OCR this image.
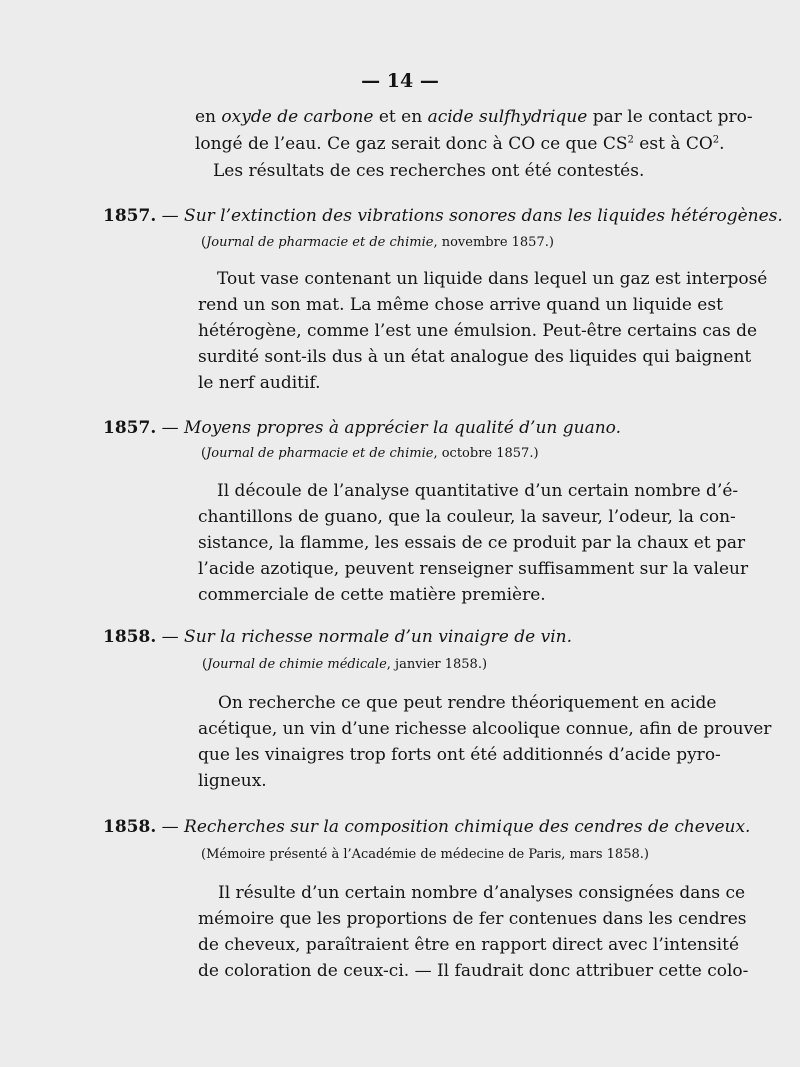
— 14 —
en oxyde de carbone et en acide sulfhydrique par le contact pro-
longé de l’eau. Ce gaz serait donc à CO ce que $CS^2$ est à $CO^2$.
Les résultats de ces recherches ont été contestés.
1857. — Sur l’extinction des vibrations sonores dans les liquides hétérogènes.
(Journal de pharmacie et de chimie, novembre 1857.)
Tout vase contenant un liquide dans lequel un gaz est interposé
rend un son mat. La même chose arrive quand un liquide est
hétérogène, comme l’est une émulsion. Peut-être certains cas de
surdité sont-ils dus à un état analogue des liquides qui baignent
le nerf auditif.
1857. — Moyens propres à apprécier la qualité d’un guano.
(Journal de pharmacie et de chimie, octobre 1857.)
Il découle de l’analyse quantitative d’un certain nombre d’é-
chantillons de guano, que la couleur, la saveur, l’odeur, la con-
sistance, la flamme, les essais de ce produit par la chaux et par
l’acide azotique, peuvent renseigner suffisamment sur la valeur
commerciale de cette matière première.
1858. — Sur la richesse normale d’un vinaigre de vin.
(Journal de chimie médicale, janvier 1858.)
On recherche ce que peut rendre théoriquement en acide
acétique, un vin d’une richesse alcoolique connue, afin de prouver
que les vinaigres trop forts ont été additionnés d’acide pyro-
ligneux.
1858. — Recherches sur la composition chimique des cendres de cheveux.
(Mémoire présenté à l’Académie de médecine de Paris, mars 1858.)
Il résulte d’un certain nombre d’analyses consignées dans ce
mémoire que les proportions de fer contenues dans les cendres
de cheveux, paraîtraient être en rapport direct avec l’intensité
de coloration de ceux-ci. — Il faudrait donc attribuer cette colo-
